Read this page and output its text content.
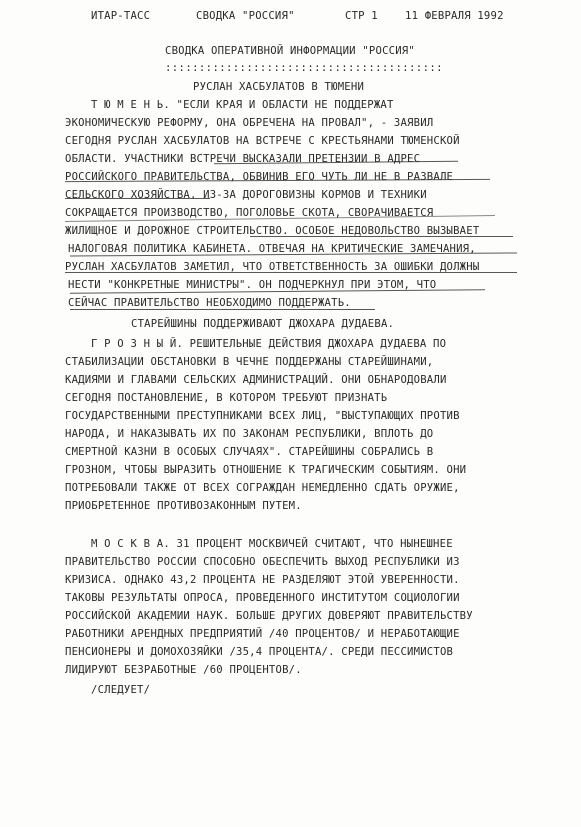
ИТАР-ТАСС	СВОДКА "РОССИЯ"	СТР 1	11 ФЕВРАЛЯ 1992
СВОДКА ОПЕРАТИВНОЙ ИНФОРМАЦИИ "РОССИЯ"
:::::::::::::::::::::::::::::::::::::::::
РУСЛАН ХАСБУЛАТОВ В ТЮМЕНИ
Т Ю М Е Н Ь. "ЕСЛИ КРАЯ И ОБЛАСТИ НЕ ПОДДЕРЖАТ
ЭКОНОМИЧЕСКУЮ РЕФОРМУ, ОНА ОБРЕЧЕНА НА ПРОВАЛ", - ЗАЯВИЛ
СЕГОДНЯ РУСЛАН ХАСБУЛАТОВ НА ВСТРЕЧЕ С КРЕСТЬЯНАМИ ТЮМЕНСКОЙ
ОБЛАСТИ. УЧАСТНИКИ ВСТРЕЧИ ВЫСКАЗАЛИ ПРЕТЕНЗИИ В АДРЕС
РОССИЙСКОГО ПРАВИТЕЛЬСТВА, ОБВИНИВ ЕГО ЧУТЬ ЛИ НЕ В РАЗВАЛЕ
СЕЛЬСКОГО ХОЗЯЙСТВА. ИЗ-ЗА ДОРОГОВИЗНЫ КОРМОВ И ТЕХНИКИ
СОКРАЩАЕТСЯ ПРОИЗВОДСТВО, ПОГОЛОВЬЕ СКОТА, СВОРАЧИВАЕТСЯ
ЖИЛИЩНОЕ И ДОРОЖНОЕ СТРОИТЕЛЬСТВО. ОСОБОЕ НЕДОВОЛЬСТВО ВЫЗЫВАЕТ
НАЛОГОВАЯ ПОЛИТИКА КАБИНЕТА. ОТВЕЧАЯ НА КРИТИЧЕСКИЕ ЗАМЕЧАНИЯ,
РУСЛАН ХАСБУЛАТОВ ЗАМЕТИЛ, ЧТО ОТВЕТСТВЕННОСТЬ ЗА ОШИБКИ ДОЛЖНЫ
НЕСТИ "КОНКРЕТНЫЕ МИНИСТРЫ". ОН ПОДЧЕРКНУЛ ПРИ ЭТОМ, ЧТО
СЕЙЧАС ПРАВИТЕЛЬСТВО НЕОБХОДИМО ПОДДЕРЖАТЬ.
СТАРЕЙШИНЫ ПОДДЕРЖИВАЮТ ДЖОХАРА ДУДАЕВА.
Г Р О З Н Ы Й. РЕШИТЕЛЬНЫЕ ДЕЙСТВИЯ ДЖОХАРА ДУДАЕВА ПО
СТАБИЛИЗАЦИИ ОБСТАНОВКИ В ЧЕЧНЕ ПОДДЕРЖАНЫ СТАРЕЙШИНАМИ,
КАДИЯМИ И ГЛАВАМИ СЕЛЬСКИХ АДМИНИСТРАЦИЙ. ОНИ ОБНАРОДОВАЛИ
СЕГОДНЯ ПОСТАНОВЛЕНИЕ, В КОТОРОМ ТРЕБУЮТ ПРИЗНАТЬ
ГОСУДАРСТВЕННЫМИ ПРЕСТУПНИКАМИ ВСЕХ ЛИЦ, "ВЫСТУПАЮЩИХ ПРОТИВ
НАРОДА, И НАКАЗЫВАТЬ ИХ ПО ЗАКОНАМ РЕСПУБЛИКИ, ВПЛОТЬ ДО
СМЕРТНОЙ КАЗНИ В ОСОБЫХ СЛУЧАЯХ". СТАРЕЙШИНЫ СОБРАЛИСЬ В
ГРОЗНОМ, ЧТОБЫ ВЫРАЗИТЬ ОТНОШЕНИЕ К ТРАГИЧЕСКИМ СОБЫТИЯМ. ОНИ
ПОТРЕБОВАЛИ ТАКЖЕ ОТ ВСЕХ СОГРАЖДАН НЕМЕДЛЕННО СДАТЬ ОРУЖИЕ,
ПРИОБРЕТЕННОЕ ПРОТИВОЗАКОННЫМ ПУТЕМ.
М О С К В А. 31 ПРОЦЕНТ МОСКВИЧЕЙ СЧИТАЮТ, ЧТО НЫНЕШНЕЕ
ПРАВИТЕЛЬСТВО РОССИИ СПОСОБНО ОБЕСПЕЧИТЬ ВЫХОД РЕСПУБЛИКИ ИЗ
КРИЗИСА. ОДНАКО 43,2 ПРОЦЕНТА НЕ РАЗДЕЛЯЮТ ЭТОЙ УВЕРЕННОСТИ.
ТАКОВЫ РЕЗУЛЬТАТЫ ОПРОСА, ПРОВЕДЕННОГО ИНСТИТУТОМ СОЦИОЛОГИИ
РОССИЙСКОЙ АКАДЕМИИ НАУК. БОЛЬШЕ ДРУГИХ ДОВЕРЯЮТ ПРАВИТЕЛЬСТВУ
РАБОТНИКИ АРЕНДНЫХ ПРЕДПРИЯТИЙ /40 ПРОЦЕНТОВ/ И НЕРАБОТАЮЩИЕ
ПЕНСИОНЕРЫ И ДОМОХОЗЯЙКИ /35,4 ПРОЦЕНТА/. СРЕДИ ПЕССИМИСТОВ
ЛИДИРУЮТ БЕЗРАБОТНЫЕ /60 ПРОЦЕНТОВ/.
/СЛЕДУЕТ/
